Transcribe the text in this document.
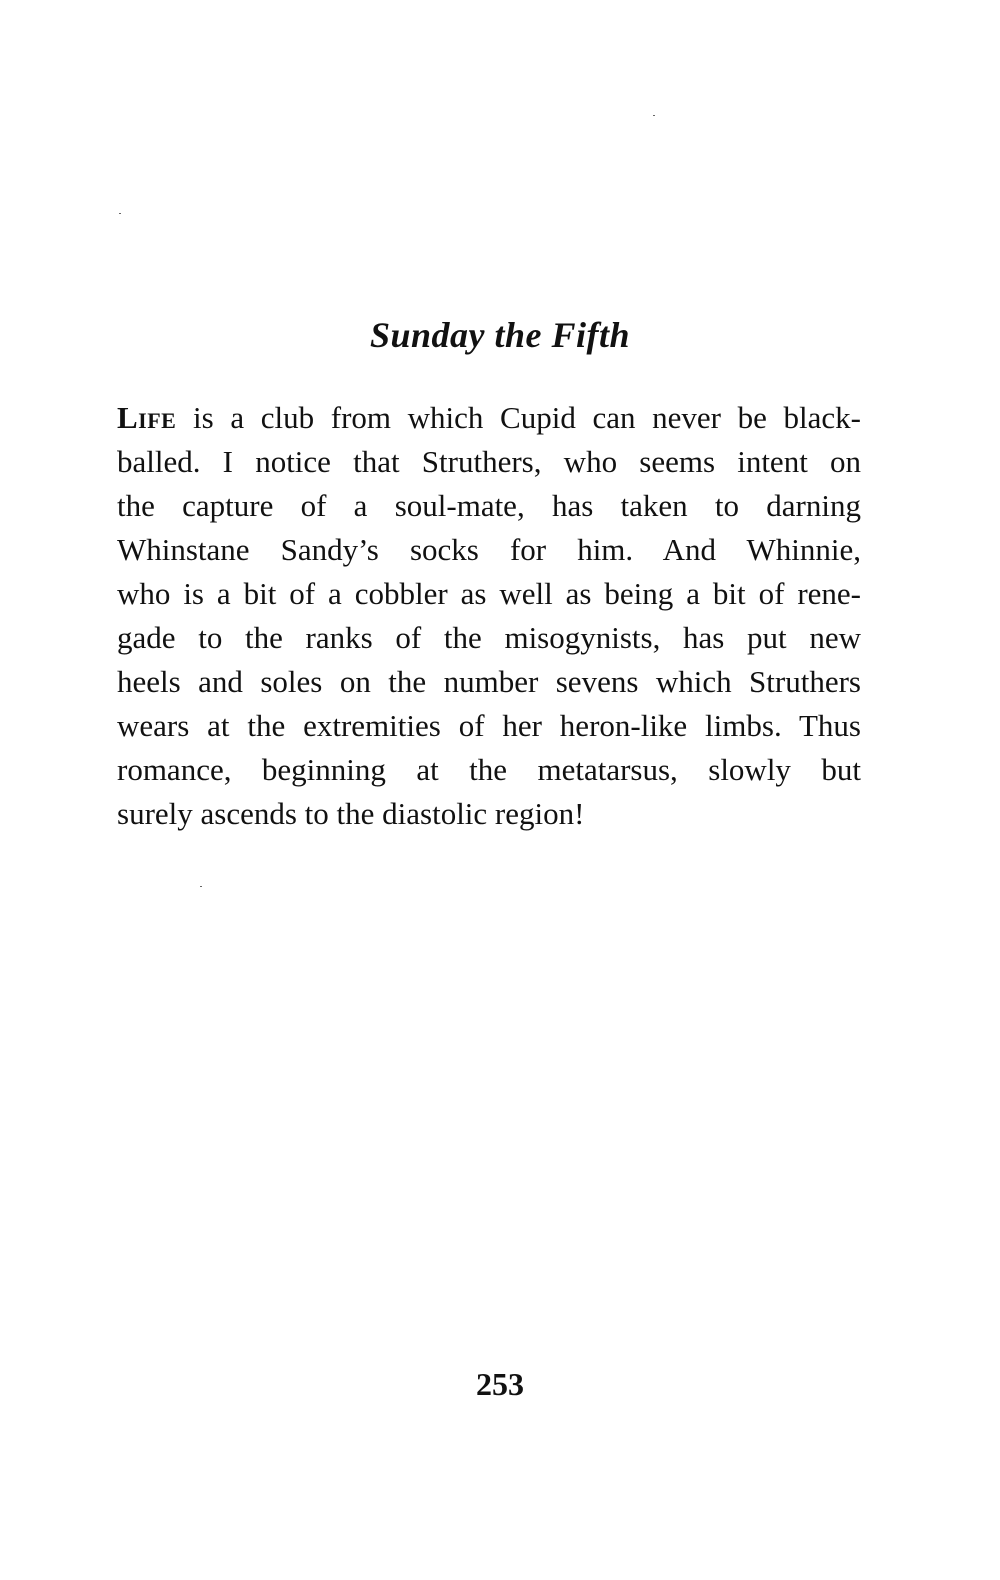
Sunday the Fifth
Life is a club from which Cupid can never be black-
balled. I notice that Struthers, who seems intent on
the capture of a soul-mate, has taken to darning
Whinstane Sandy’s socks for him. And Whinnie,
who is a bit of a cobbler as well as being a bit of rene-
gade to the ranks of the misogynists, has put new
heels and soles on the number sevens which Struthers
wears at the extremities of her heron-like limbs. Thus
romance, beginning at the metatarsus, slowly but
surely ascends to the diastolic region!
253
